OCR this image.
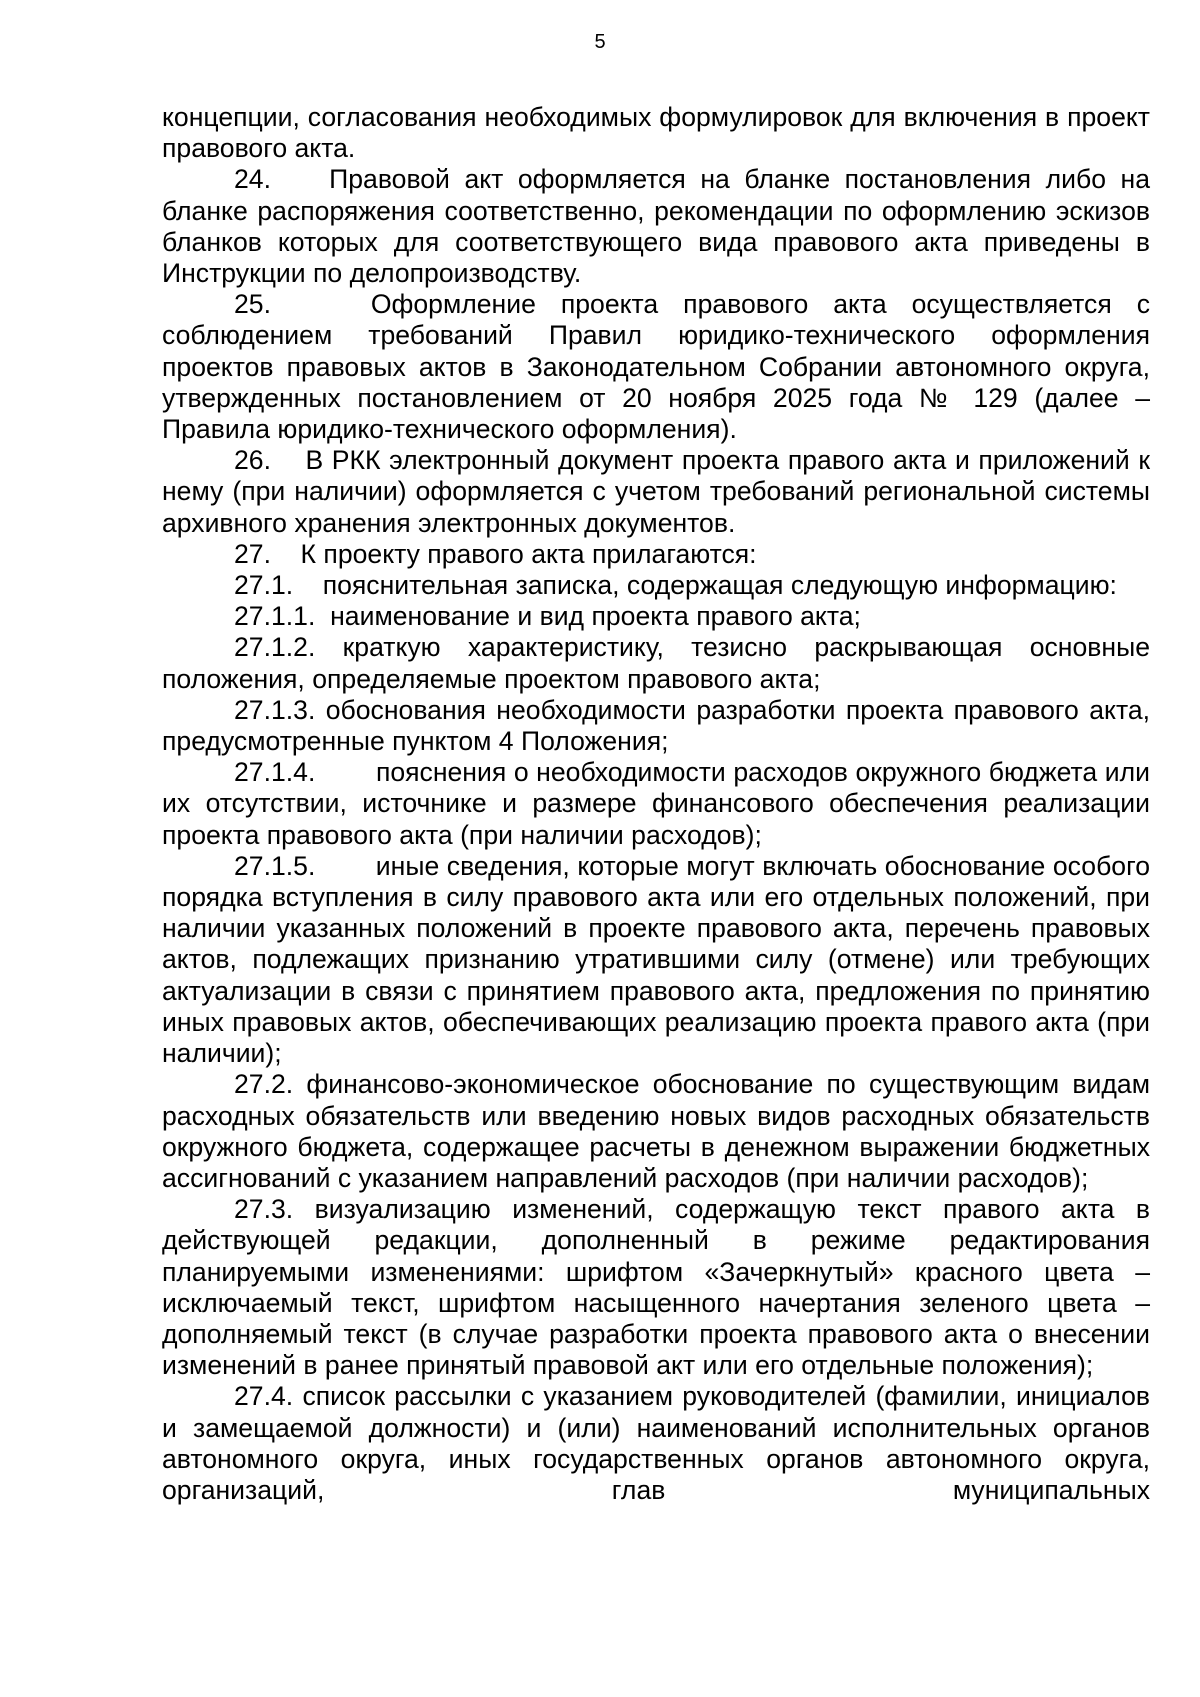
5

концепции, согласования необходимых формулировок для включения в проект правового акта.

24. Правовой акт оформляется на бланке постановления либо на бланке распоряжения соответственно, рекомендации по оформлению эскизов бланков которых для соответствующего вида правового акта приведены в Инструкции по делопроизводству.

25.	Оформление проекта правового акта осуществляется с соблюдением требований Правил юридико-технического оформления проектов правовых актов в Законодательном Собрании автономного округа, утвержденных постановлением от 20 ноября 2025 года № 129 (далее – Правила юридико-технического оформления).

26. В РКК электронный документ проекта правого акта и приложений к нему (при наличии) оформляется с учетом требований региональной системы архивного хранения электронных документов.

27. К проекту правого акта прилагаются:

27.1. пояснительная записка, содержащая следующую информацию:

27.1.1. наименование и вид проекта правого акта;

27.1.2. краткую характеристику, тезисно раскрывающая основные положения, определяемые проектом правового акта;

27.1.3. обоснования необходимости разработки проекта правового акта, предусмотренные пунктом 4 Положения;

27.1.4. пояснения о необходимости расходов окружного бюджета или их отсутствии, источнике и размере финансового обеспечения реализации проекта правового акта (при наличии расходов);

27.1.5. иные сведения, которые могут включать обоснование особого порядка вступления в силу правового акта или его отдельных положений, при наличии указанных положений в проекте правового акта, перечень правовых актов, подлежащих признанию утратившими силу (отмене) или требующих актуализации в связи с принятием правового акта, предложения по принятию иных правовых актов, обеспечивающих реализацию проекта правого акта (при наличии);

27.2. финансово-экономическое обоснование по существующим видам расходных обязательств или введению новых видов расходных обязательств окружного бюджета, содержащее расчеты в денежном выражении бюджетных ассигнований с указанием направлений расходов (при наличии расходов);

27.3. визуализацию изменений, содержащую текст правого акта в действующей редакции, дополненный в режиме редактирования планируемыми изменениями: шрифтом «Зачеркнутый» красного цвета – исключаемый текст, шрифтом насыщенного начертания зеленого цвета – дополняемый текст (в случае разработки проекта правового акта о внесении изменений в ранее принятый правовой акт или его отдельные положения);

27.4. список рассылки с указанием руководителей (фамилии, инициалов и замещаемой должности) и (или) наименований исполнительных органов автономного округа, иных государственных органов автономного округа, организаций, глав муниципальных
